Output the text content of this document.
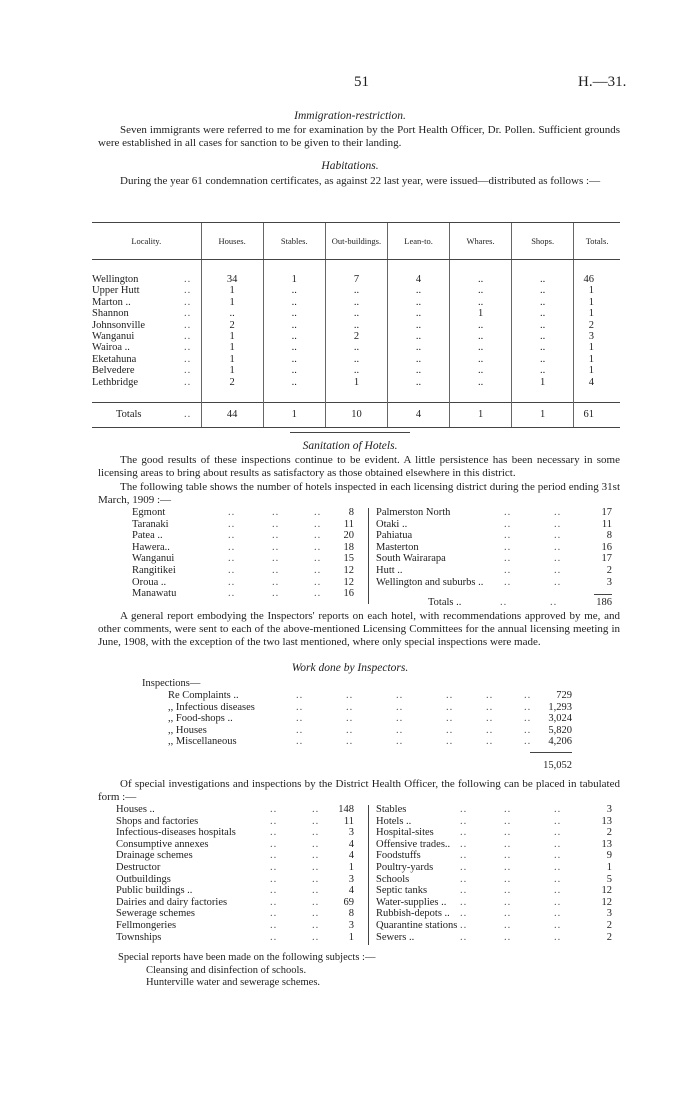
51	H.—31.
Immigration-restriction.
Seven immigrants were referred to me for examination by the Port Health Officer, Dr. Pollen. Sufficient grounds were established in all cases for sanction to be given to their landing.
Habitations.
During the year 61 condemnation certificates, as against 22 last year, were issued—distributed as follows :—
Locality.	Houses.	Stables.	Out-buildings.	Lean-to.	Whares.	Shops.	Totals.

Wellington ..	34	1	7	4	..	..	46
Upper Hutt ..	1	..	..	..	..	..	1
Marton .. ..	1	..	..	..	..	..	1
Shannon ..	..	..	..	..	1	..	1
Johnsonville ..	2	..	..	..	..	..	2
Wanganui ..	1	..	2	..	..	..	3
Wairoa .. ..	1	..	..	..	..	..	1
Eketahuna ..	1	..	..	..	..	..	1
Belvedere ..	1	..	..	..	..	..	1
Lethbridge ..	2	..	1	..	..	1	4

Totals ..	44	1	10	4	1	1	61
Sanitation of Hotels.
The good results of these inspections continue to be evident. A little persistence has been necessary in some licensing areas to bring about results as satisfactory as those obtained elsewhere in this district.
The following table shows the number of hotels inspected in each licensing district during the period ending 31st March, 1909 :—
Egmont	..	..	..	8
Taranaki	..	..	.. 11
Patea ..	..	..	.. 20
Hawera..	..	..	.. 18
Wanganui	..	..	.. 15
Rangitikei	..	..	.. 12
Oroua ..	..	..	.. 12
Manawatu	..	..	.. 16
Palmerston North	..	..	17
Otaki ..	..	..	11
Pahiatua	..	..	8
Masterton	..	..	16
South Wairarapa	..	..	17
Hutt ..	..	..	2
Wellington and suburbs .. ..	..	3
Totals ..	..	..	186
A general report embodying the Inspectors' reports on each hotel, with recommendations approved by me, and other comments, were sent to each of the above-mentioned Licensing Committees for the annual licensing meeting in June, 1908, with the exception of the two last mentioned, where only special inspections were made.
Work done by Inspectors.
Inspections—
Re Complaints ..	..	..	..	..	..	.. 729
,, Infectious diseases	..	..	..	..	..	.. 1,293
,, Food-shops ..	..	..	..	..	..	.. 3,024
,, Houses	..	..	..	..	..	.. 5,820
,, Miscellaneous	..	..	..	..	..	.. 4,206
15,052
Of special investigations and inspections by the District Health Officer, the following can be placed in tabulated form :—
Houses ..	..	.. 148
Shops and factories	..	.. 11
Infectious-diseases hospitals	..	..	3
Consumptive annexes	..	..	4
Drainage schemes	..	..	4
Destructor	..	..	1
Outbuildings	..	..	3
Public buildings ..	..	..	4
Dairies and dairy factories	..	.. 69
Sewerage schemes	..	..	8
Fellmongeries	..	..	3
Townships	..	..	1
Stables	..	..	..	3
Hotels ..	..	..	..	13
Hospital-sites	..	..	..	2
Offensive trades.. ..	..	..	13
Foodstuffs	..	..	..	9
Poultry-yards	..	..	..	1
Schools	..	..	..	5
Septic tanks	..	..	..	12
Water-supplies .. ..	..	..	12
Rubbish-depots .. ..	..	..	3
Quarantine stations ..	..	..	2
Sewers ..	..	..	..	2
Special reports have been made on the following subjects :—
Cleansing and disinfection of schools.
Hunterville water and sewerage schemes.
